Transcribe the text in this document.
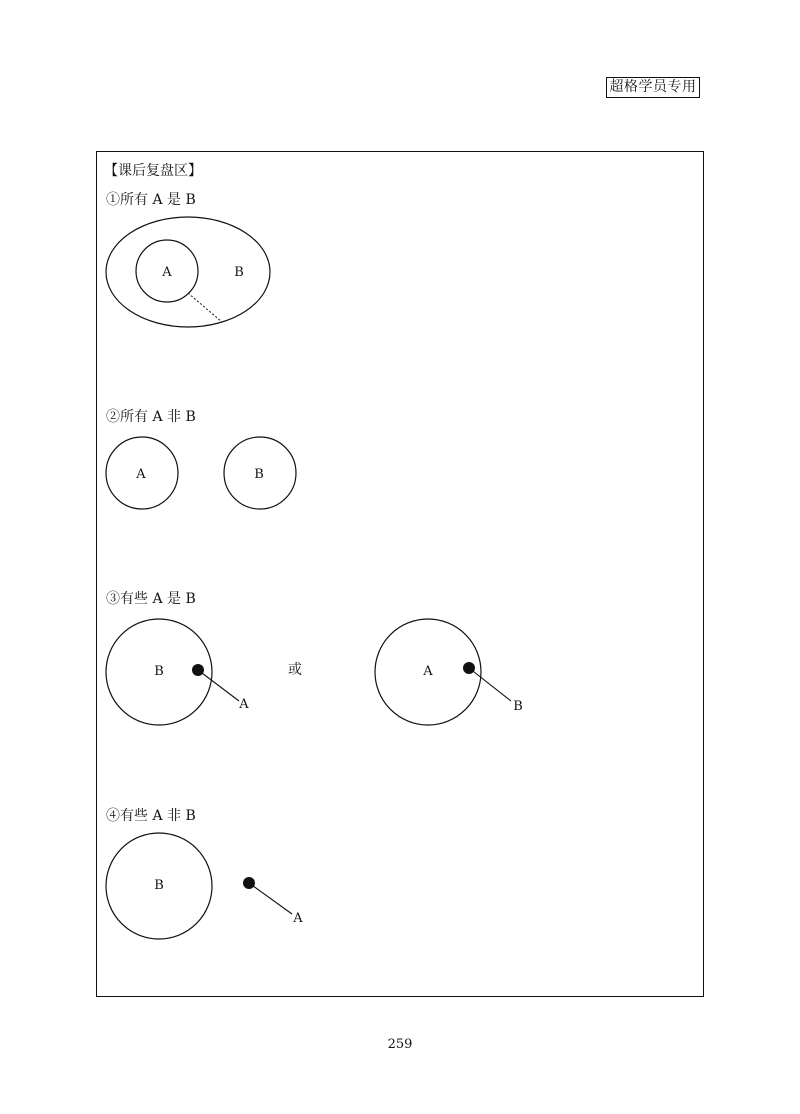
超格学员专用
【课后复盘区】
①所有 A 是 B
②所有 A 非 B
③有些 A 是 B
④有些 A 非 B
A	B
A	B
B
A
或	A
B
B
A
259
